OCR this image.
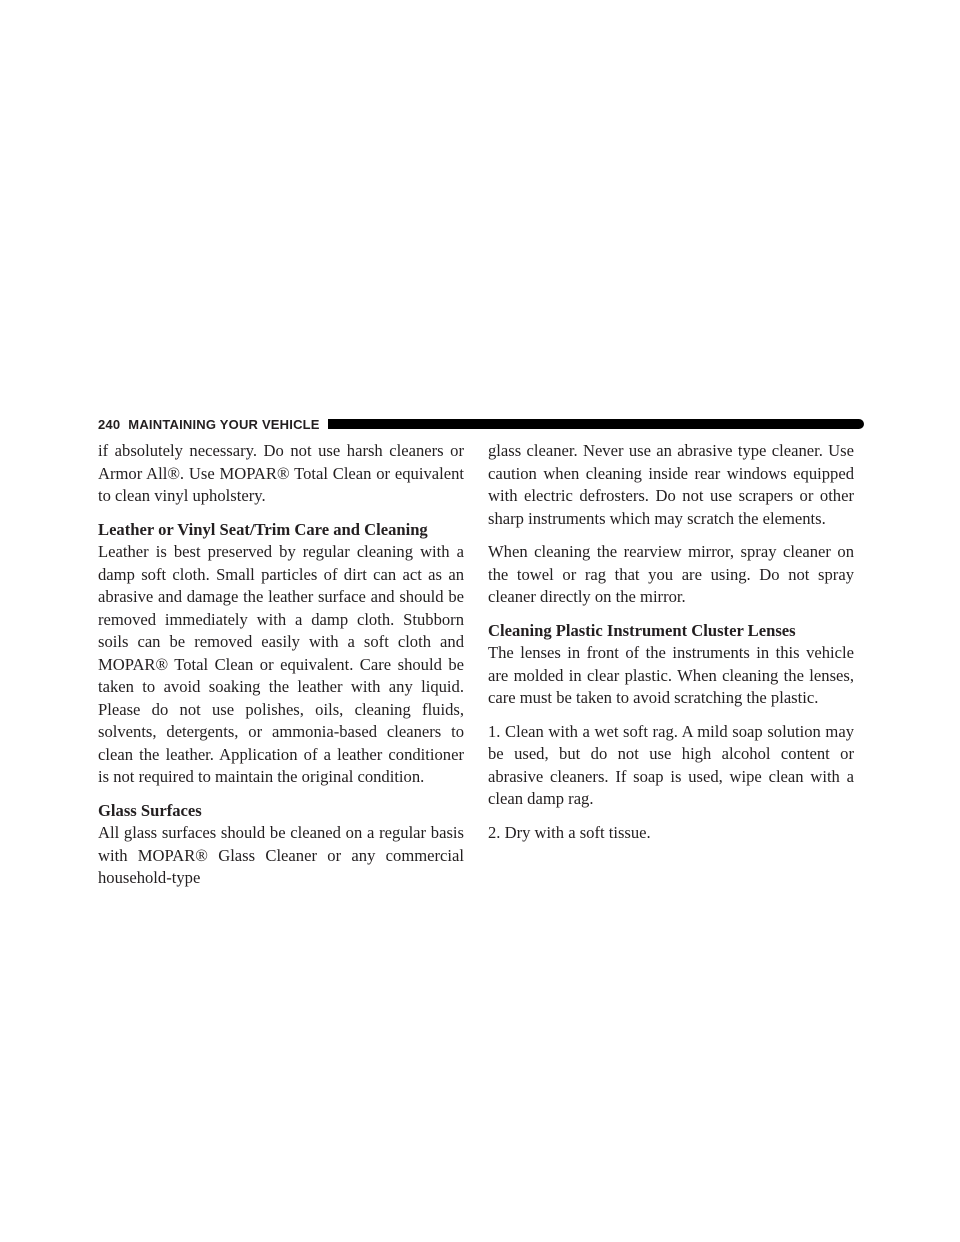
240 MAINTAINING YOUR VEHICLE

if absolutely necessary. Do not use harsh cleaners or Armor All®. Use MOPAR® Total Clean or equivalent to clean vinyl upholstery.

Leather or Vinyl Seat/Trim Care and Cleaning

Leather is best preserved by regular cleaning with a damp soft cloth. Small particles of dirt can act as an abrasive and damage the leather surface and should be removed immediately with a damp cloth. Stubborn soils can be removed easily with a soft cloth and MOPAR® Total Clean or equivalent. Care should be taken to avoid soaking the leather with any liquid. Please do not use polishes, oils, cleaning fluids, solvents, detergents, or ammonia-based cleaners to clean the leather. Application of a leather conditioner is not required to maintain the original condition.

Glass Surfaces

All glass surfaces should be cleaned on a regular basis with MOPAR® Glass Cleaner or any commercial household-type

glass cleaner. Never use an abrasive type cleaner. Use caution when cleaning inside rear windows equipped with electric defrosters. Do not use scrapers or other sharp instruments which may scratch the elements.

When cleaning the rearview mirror, spray cleaner on the towel or rag that you are using. Do not spray cleaner directly on the mirror.

Cleaning Plastic Instrument Cluster Lenses

The lenses in front of the instruments in this vehicle are molded in clear plastic. When cleaning the lenses, care must be taken to avoid scratching the plastic.

1. Clean with a wet soft rag. A mild soap solution may be used, but do not use high alcohol content or abrasive cleaners. If soap is used, wipe clean with a clean damp rag.

2. Dry with a soft tissue.
